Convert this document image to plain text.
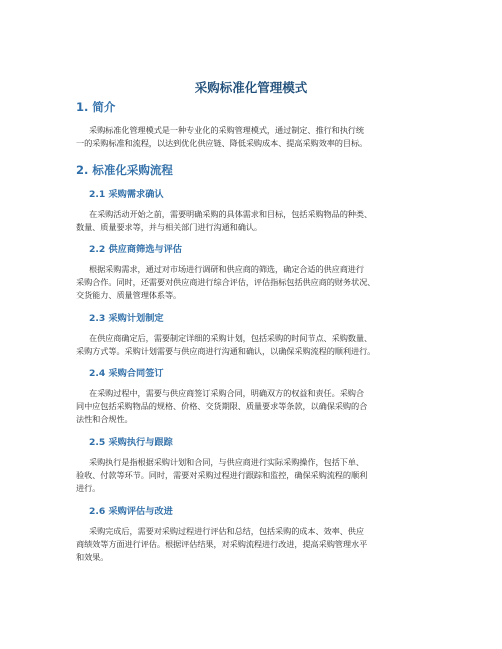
采购标准化管理模式
1. 简介
采购标准化管理模式是一种专业化的采购管理模式，通过制定、推行和执行统
一的采购标准和流程，以达到优化供应链、降低采购成本、提高采购效率的目标。
2. 标准化采购流程
2.1 采购需求确认
在采购活动开始之前，需要明确采购的具体需求和目标，包括采购物品的种类、
数量、质量要求等，并与相关部门进行沟通和确认。
2.2 供应商筛选与评估
根据采购需求，通过对市场进行调研和供应商的筛选，确定合适的供应商进行
采购合作。同时，还需要对供应商进行综合评估，评估指标包括供应商的财务状况、
交货能力、质量管理体系等。
2.3 采购计划制定
在供应商确定后，需要制定详细的采购计划，包括采购的时间节点、采购数量、
采购方式等。采购计划需要与供应商进行沟通和确认，以确保采购流程的顺利进行。
2.4 采购合同签订
在采购过程中，需要与供应商签订采购合同，明确双方的权益和责任。采购合
同中应包括采购物品的规格、价格、交货期限、质量要求等条款，以确保采购的合
法性和合规性。
2.5 采购执行与跟踪
采购执行是指根据采购计划和合同，与供应商进行实际采购操作，包括下单、
验收、付款等环节。同时，需要对采购过程进行跟踪和监控，确保采购流程的顺利
进行。
2.6 采购评估与改进
采购完成后，需要对采购过程进行评估和总结，包括采购的成本、效率、供应
商绩效等方面进行评估。根据评估结果，对采购流程进行改进，提高采购管理水平
和效果。
